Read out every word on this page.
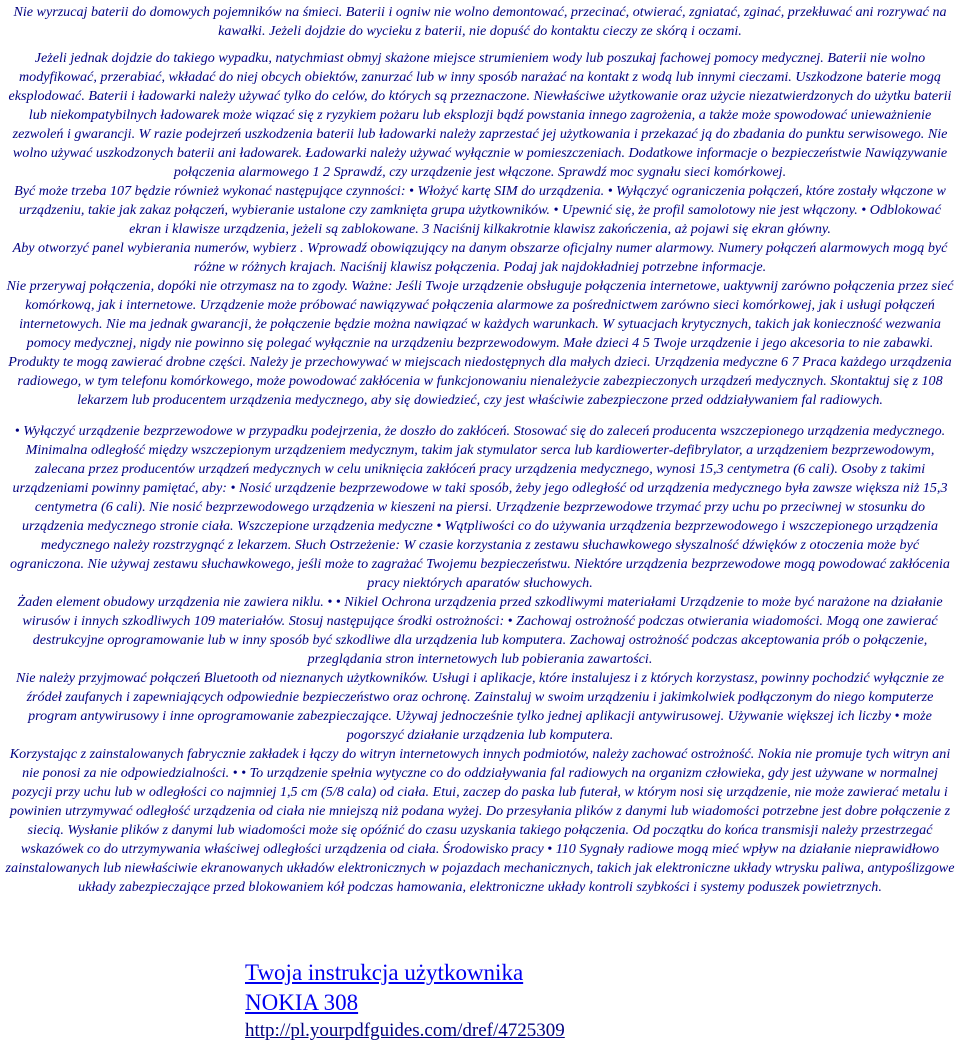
Nie wyrzucaj baterii do domowych pojemników na śmieci. Baterii i ogniw nie wolno demontować, przecinać, otwierać, zgniatać, zginać, przekłuwać ani rozrywać na kawałki. Jeżeli dojdzie do wycieku z baterii, nie dopuść do kontaktu cieczy ze skórą i oczami.

Jeżeli jednak dojdzie do takiego wypadku, natychmiast obmyj skażone miejsce strumieniem wody lub poszukaj fachowej pomocy medycznej. Baterii nie wolno modyfikować, przerabiać, wkładać do niej obcych obiektów, zanurzać lub w inny sposób narażać na kontakt z wodą lub innymi cieczami. Uszkodzone baterie mogą eksplodować. Baterii i ładowarki należy używać tylko do celów, do których są przeznaczone. Niewłaściwe użytkowanie oraz użycie niezatwierdzonych do użytku baterii lub niekompatybilnych ładowarek może wiązać się z ryzykiem pożaru lub eksplozji bądź powstania innego zagrożenia, a także może spowodować unieważnienie zezwoleń i gwarancji. W razie podejrzeń uszkodzenia baterii lub ładowarki należy zaprzestać jej użytkowania i przekazać ją do zbadania do punktu serwisowego. Nie wolno używać uszkodzonych baterii ani ładowarek. Ładowarki należy używać wyłącznie w pomieszczeniach. Dodatkowe informacje o bezpieczeństwie Nawiązywanie połączenia alarmowego 1 2 Sprawdź, czy urządzenie jest włączone. Sprawdź moc sygnału sieci komórkowej.

Być może trzeba 107 będzie również wykonać następujące czynności: • Włożyć kartę SIM do urządzenia. • Wyłączyć ograniczenia połączeń, które zostały włączone w urządzeniu, takie jak zakaz połączeń, wybieranie ustalone czy zamknięta grupa użytkowników. • Upewnić się, że profil samolotowy nie jest włączony. • Odblokować ekran i klawisze urządzenia, jeżeli są zablokowane. 3 Naciśnij kilkakrotnie klawisz zakończenia, aż pojawi się ekran główny.

Aby otworzyć panel wybierania numerów, wybierz . Wprowadź obowiązujący na danym obszarze oficjalny numer alarmowy. Numery połączeń alarmowych mogą być różne w różnych krajach. Naciśnij klawisz połączenia. Podaj jak najdokładniej potrzebne informacje.

Nie przerywaj połączenia, dopóki nie otrzymasz na to zgody. Ważne: Jeśli Twoje urządzenie obsługuje połączenia internetowe, uaktywnij zarówno połączenia przez sieć komórkową, jak i internetowe. Urządzenie może próbować nawiązywać połączenia alarmowe za pośrednictwem zarówno sieci komórkowej, jak i usługi połączeń internetowych. Nie ma jednak gwarancji, że połączenie będzie można nawiązać w każdych warunkach. W sytuacjach krytycznych, takich jak konieczność wezwania pomocy medycznej, nigdy nie powinno się polegać wyłącznie na urządzeniu bezprzewodowym. Małe dzieci 4 5 Twoje urządzenie i jego akcesoria to nie zabawki. Produkty te mogą zawierać drobne części. Należy je przechowywać w miejscach niedostępnych dla małych dzieci. Urządzenia medyczne 6 7 Praca każdego urządzenia radiowego, w tym telefonu komórkowego, może powodować zakłócenia w funkcjonowaniu nienależycie zabezpieczonych urządzeń medycznych. Skontaktuj się z 108 lekarzem lub producentem urządzenia medycznego, aby się dowiedzieć, czy jest właściwie zabezpieczone przed oddziaływaniem fal radiowych.

• Wyłączyć urządzenie bezprzewodowe w przypadku podejrzenia, że doszło do zakłóceń. Stosować się do zaleceń producenta wszczepionego urządzenia medycznego. Minimalna odległość między wszczepionym urządzeniem medycznym, takim jak stymulator serca lub kardiowerter-defibrylator, a urządzeniem bezprzewodowym, zalecana przez producentów urządzeń medycznych w celu uniknięcia zakłóceń pracy urządzenia medycznego, wynosi 15,3 centymetra (6 cali). Osoby z takimi urządzeniami powinny pamiętać, aby: • Nosić urządzenie bezprzewodowe w taki sposób, żeby jego odległość od urządzenia medycznego była zawsze większa niż 15,3 centymetra (6 cali). Nie nosić bezprzewodowego urządzenia w kieszeni na piersi. Urządzenie bezprzewodowe trzymać przy uchu po przeciwnej w stosunku do urządzenia medycznego stronie ciała. Wszczepione urządzenia medyczne • Wątpliwości co do używania urządzenia bezprzewodowego i wszczepionego urządzenia medycznego należy rozstrzygnąć z lekarzem. Słuch Ostrzeżenie: W czasie korzystania z zestawu słuchawkowego słyszalność dźwięków z otoczenia może być ograniczona. Nie używaj zestawu słuchawkowego, jeśli może to zagrażać Twojemu bezpieczeństwu. Niektóre urządzenia bezprzewodowe mogą powodować zakłócenia pracy niektórych aparatów słuchowych.

Żaden element obudowy urządzenia nie zawiera niklu. • • Nikiel Ochrona urządzenia przed szkodliwymi materiałami Urządzenie to może być narażone na działanie wirusów i innych szkodliwych 109 materiałów. Stosuj następujące środki ostrożności: • Zachowaj ostrożność podczas otwierania wiadomości. Mogą one zawierać destrukcyjne oprogramowanie lub w inny sposób być szkodliwe dla urządzenia lub komputera. Zachowaj ostrożność podczas akceptowania prób o połączenie, przeglądania stron internetowych lub pobierania zawartości.

Nie należy przyjmować połączeń Bluetooth od nieznanych użytkowników. Usługi i aplikacje, które instalujesz i z których korzystasz, powinny pochodzić wyłącznie ze źródeł zaufanych i zapewniających odpowiednie bezpieczeństwo oraz ochronę. Zainstaluj w swoim urządzeniu i jakimkolwiek podłączonym do niego komputerze program antywirusowy i inne oprogramowanie zabezpieczające. Używaj jednocześnie tylko jednej aplikacji antywirusowej. Używanie większej ich liczby • może pogorszyć działanie urządzenia lub komputera.

Korzystając z zainstalowanych fabrycznie zakładek i łączy do witryn internetowych innych podmiotów, należy zachować ostrożność. Nokia nie promuje tych witryn ani nie ponosi za nie odpowiedzialności. • • To urządzenie spełnia wytyczne co do oddziaływania fal radiowych na organizm człowieka, gdy jest używane w normalnej pozycji przy uchu lub w odległości co najmniej 1,5 cm (5/8 cala) od ciała. Etui, zaczep do paska lub futerał, w którym nosi się urządzenie, nie może zawierać metalu i powinien utrzymywać odległość urządzenia od ciała nie mniejszą niż podana wyżej. Do przesyłania plików z danymi lub wiadomości potrzebne jest dobre połączenie z siecią. Wysłanie plików z danymi lub wiadomości może się opóźnić do czasu uzyskania takiego połączenia. Od początku do końca transmisji należy przestrzegać wskazówek co do utrzymywania właściwej odległości urządzenia od ciała. Środowisko pracy • 110 Sygnały radiowe mogą mieć wpływ na działanie nieprawidłowo zainstalowanych lub niewłaściwie ekranowanych układów elektronicznych w pojazdach mechanicznych, takich jak elektroniczne układy wtrysku paliwa, antypoślizgowe układy zabezpieczające przed blokowaniem kół podczas hamowania, elektroniczne układy kontroli szybkości i systemy poduszek powietrznych.

Twoja instrukcja użytkownika
NOKIA 308
http://pl.yourpdfguides.com/dref/4725309
